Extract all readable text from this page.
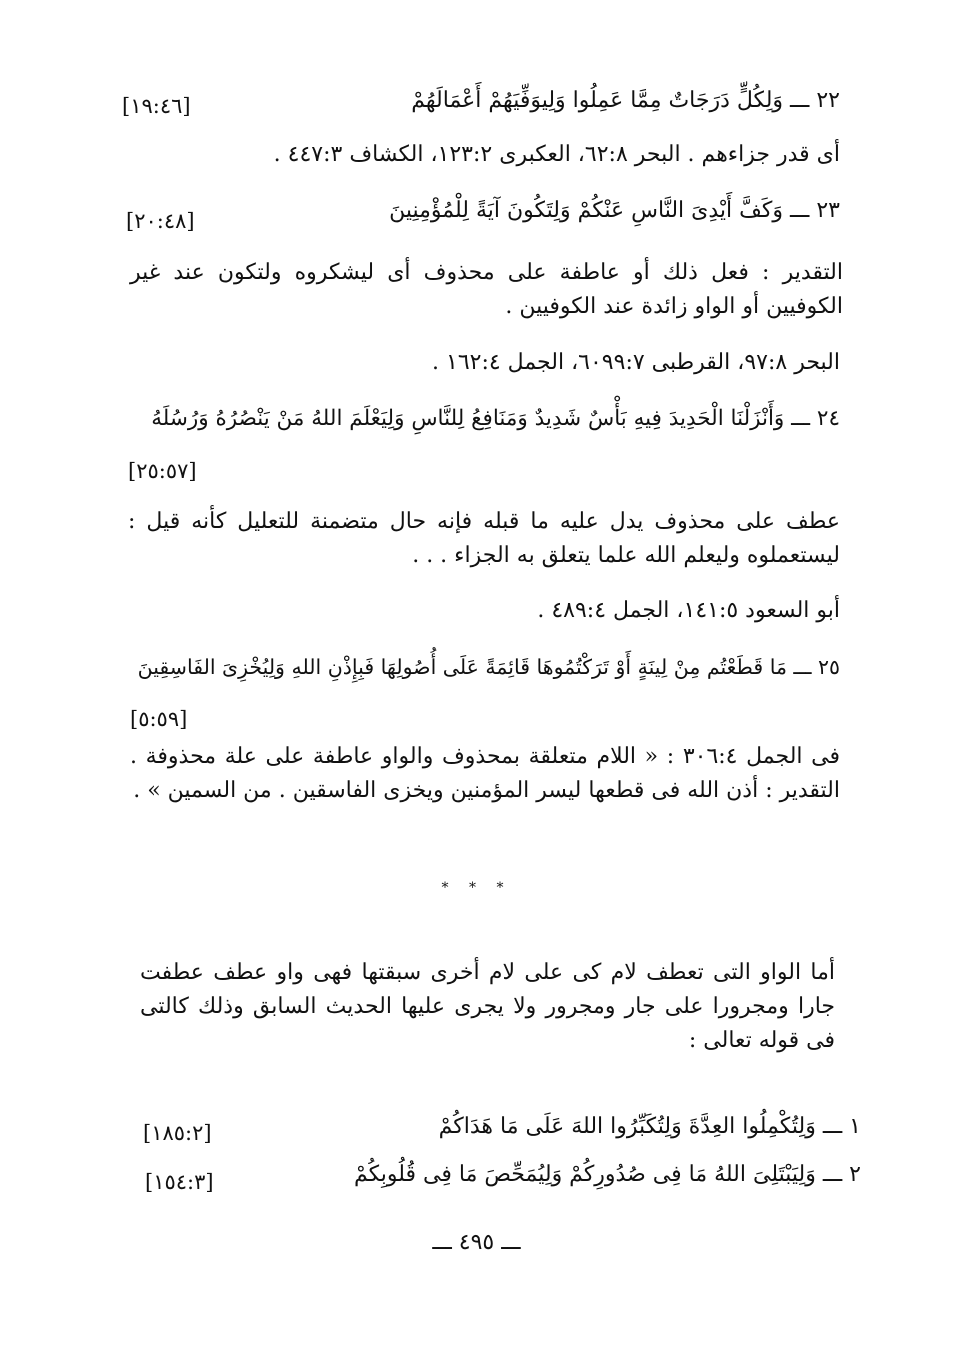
٢٢ ـــ وَلِكُلٍّ دَرَجَاتٌ مِمَّا عَمِلُوا وَلِيوَفِّيَهُمْ أَعْمَالَهُمْ
[١٩:٤٦]
أى قدر جزاءهم . البحر ٦٢:٨، العكبرى ١٢٣:٢، الكشاف ٤٤٧:٣ .
٢٣ ـــ وَكَفَّ أَيْدِىَ النَّاسِ عَنْكُمْ وَلِتَكُونَ آيَةً لِلْمُؤْمِنِينَ
[٢٠:٤٨]
التقدير : فعل ذلك أو عاطفة على محذوف أى ليشكروه ولتكون عند غير الكوفيين أو الواو زائدة عند الكوفيين .
البحر ٩٧:٨، القرطبى ٦٠٩٩:٧، الجمل ١٦٢:٤ .
٢٤ ـــ وَأَنْزَلْنَا الْحَدِيدَ فِيهِ بَأْسٌ شَدِيدٌ وَمَنَافِعُ لِلنَّاسِ وَلِيَعْلَمَ اللهُ مَنْ يَنْصُرُهُ وَرُسُلَهُ
[٢٥:٥٧]
عطف على محذوف يدل عليه ما قبله فإنه حال متضمنة للتعليل كأنه قيل : ليستعملوه وليعلم الله علما يتعلق به الجزاء . . .
أبو السعود ١٤١:٥، الجمل ٤٨٩:٤ .
٢٥ ـــ مَا قَطَعْتُم مِنْ لِينَةٍ أَوْ تَرَكْتُمُوهَا قَائِمَةً عَلَى أُصُولِهَا فَبِإِذْنِ اللهِ وَلِيُخْزِىَ الفَاسِقِينَ
[٥:٥٩]
فى الجمل ٣٠٦:٤ : « اللام متعلقة بمحذوف والواو عاطفة على علة محذوفة . التقدير : أذن الله فى قطعها ليسر المؤمنين ويخزى الفاسقين . من السمين » .
* * *
أما الواو التى تعطف لام كى على لام أخرى سبقتها فهى واو عطف عطفت جارا ومجرورا على جار ومجرور ولا يجرى عليها الحديث السابق وذلك كالتى فى قوله تعالى :
١ ـــ وَلِتُكْمِلُوا العِدَّةَ وَلِتُكَبِّرُوا اللهَ عَلَى مَا هَدَاكُمْ
[١٨٥:٢]
٢ ـــ وَلِيَبْتَلِىَ اللهُ مَا فِى صُدُورِكُمْ وَلِيُمَحِّصَ مَا فِى قُلُوبِكُمْ
[١٥٤:٣]
ـــ ٤٩٥ ـــ
